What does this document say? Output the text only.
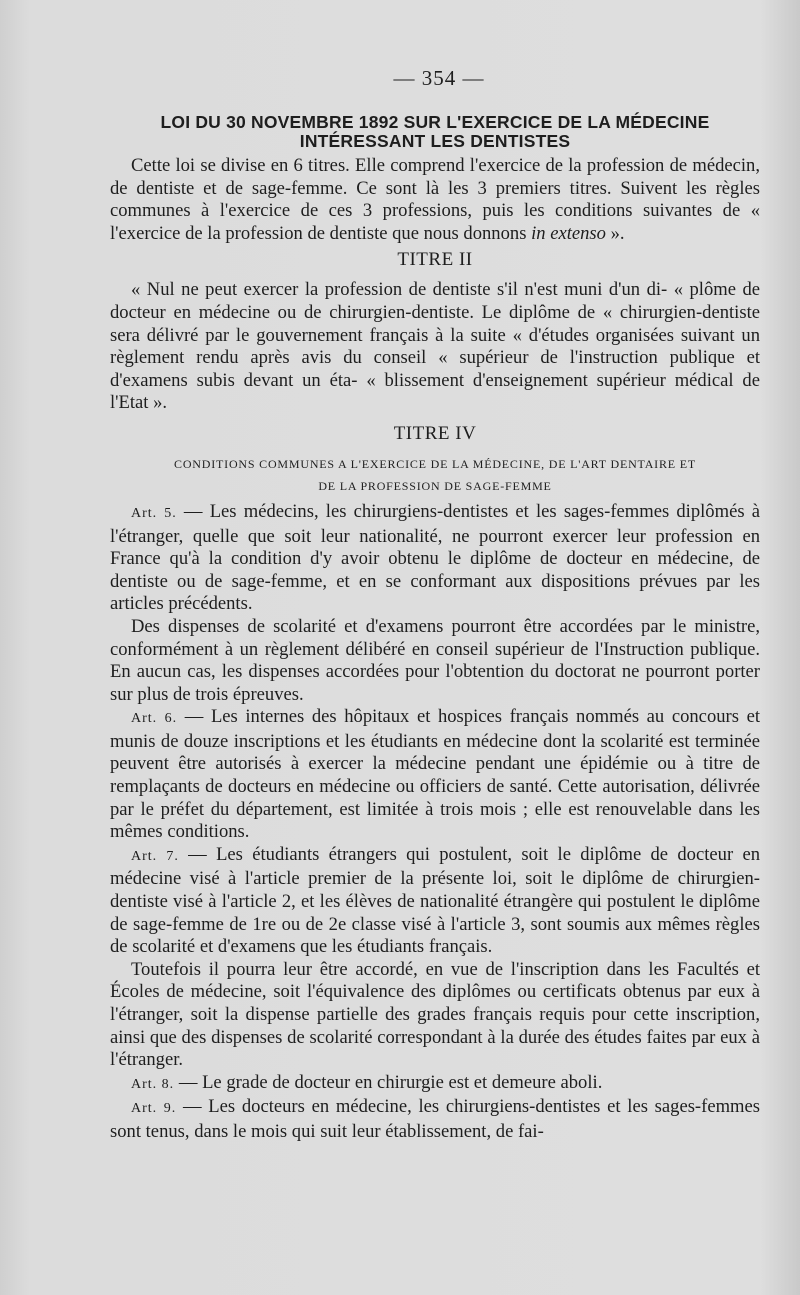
— 354 —
LOI DU 30 NOVEMBRE 1892 SUR L'EXERCICE DE LA MÉDECINE
INTÉRESSANT LES DENTISTES

Cette loi se divise en 6 titres. Elle comprend l'exercice de la profession de médecin, de dentiste et de sage-femme. Ce sont là les 3 premiers titres. Suivent les règles communes à l'exercice de ces 3 professions, puis les conditions suivantes de « l'exercice de la profession de dentiste que nous donnons in extenso ».

TITRE II

« Nul ne peut exercer la profession de dentiste s'il n'est muni d'un di- « plôme de docteur en médecine ou de chirurgien-dentiste. Le diplôme de « chirurgien-dentiste sera délivré par le gouvernement français à la suite « d'études organisées suivant un règlement rendu après avis du conseil « supérieur de l'instruction publique et d'examens subis devant un éta- « blissement d'enseignement supérieur médical de l'Etat ».

TITRE IV
CONDITIONS COMMUNES A L'EXERCICE DE LA MÉDECINE, DE L'ART DENTAIRE ET
DE LA PROFESSION DE SAGE-FEMME

Art. 5. — Les médecins, les chirurgiens-dentistes et les sages-femmes diplômés à l'étranger, quelle que soit leur nationalité, ne pourront exercer leur profession en France qu'à la condition d'y avoir obtenu le diplôme de docteur en médecine, de dentiste ou de sage-femme, et en se conformant aux dispositions prévues par les articles précédents.

Des dispenses de scolarité et d'examens pourront être accordées par le ministre, conformément à un règlement délibéré en conseil supérieur de l'Instruction publique. En aucun cas, les dispenses accordées pour l'obtention du doctorat ne pourront porter sur plus de trois épreuves.

Art. 6. — Les internes des hôpitaux et hospices français nommés au concours et munis de douze inscriptions et les étudiants en médecine dont la scolarité est terminée peuvent être autorisés à exercer la médecine pendant une épidémie ou à titre de remplaçants de docteurs en médecine ou officiers de santé. Cette autorisation, délivrée par le préfet du département, est limitée à trois mois ; elle est renouvelable dans les mêmes conditions.

Art. 7. — Les étudiants étrangers qui postulent, soit le diplôme de docteur en médecine visé à l'article premier de la présente loi, soit le diplôme de chirurgien-dentiste visé à l'article 2, et les élèves de nationalité étrangère qui postulent le diplôme de sage-femme de 1re ou de 2e classe visé à l'article 3, sont soumis aux mêmes règles de scolarité et d'examens que les étudiants français.

Toutefois il pourra leur être accordé, en vue de l'inscription dans les Facultés et Écoles de médecine, soit l'équivalence des diplômes ou certificats obtenus par eux à l'étranger, soit la dispense partielle des grades français requis pour cette inscription, ainsi que des dispenses de scolarité correspondant à la durée des études faites par eux à l'étranger.

Art. 8. — Le grade de docteur en chirurgie est et demeure aboli.

Art. 9. — Les docteurs en médecine, les chirurgiens-dentistes et les sages-femmes sont tenus, dans le mois qui suit leur établissement, de fai-
